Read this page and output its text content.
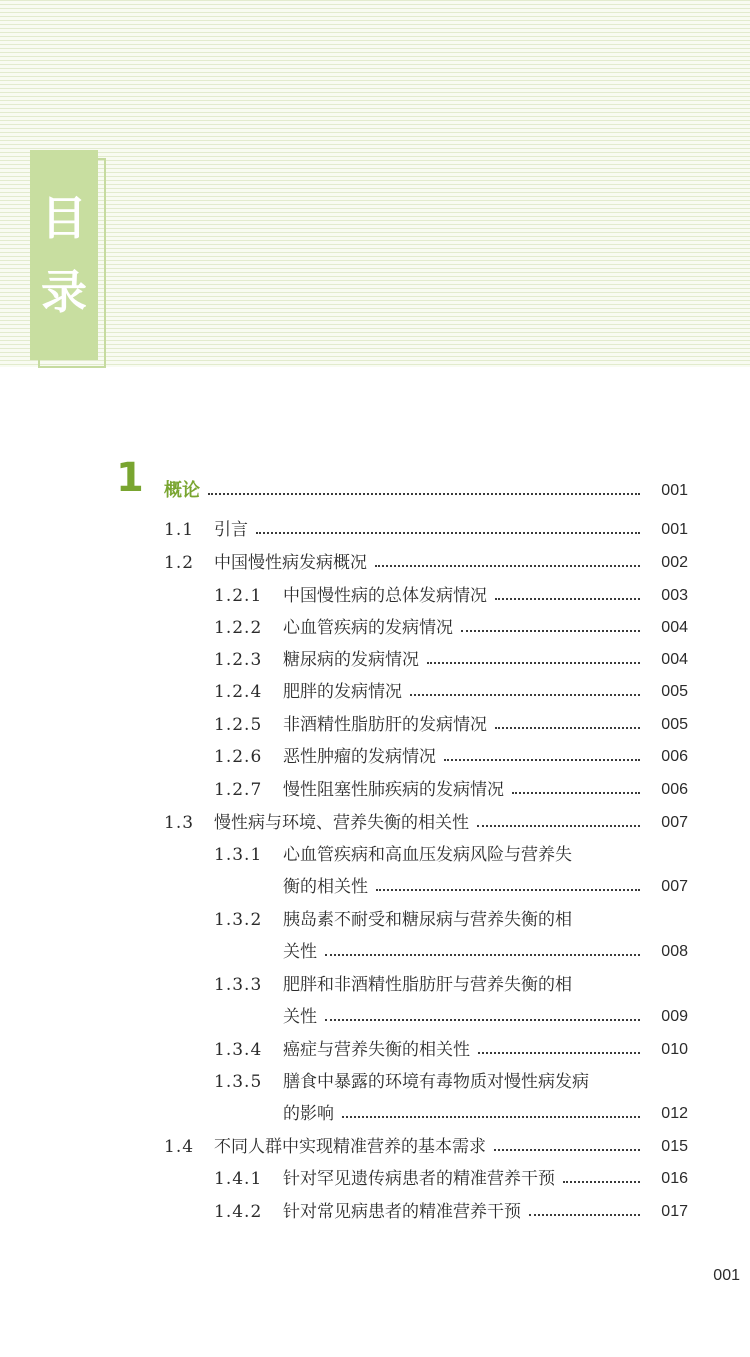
目
录
1 概论	001
1.1 引言	001
1.2 中国慢性病发病概况	002
1.2.1 中国慢性病的总体发病情况	003
1.2.2 心血管疾病的发病情况	004
1.2.3 糖尿病的发病情况	004
1.2.4 肥胖的发病情况	005
1.2.5 非酒精性脂肪肝的发病情况	005
1.2.6 恶性肿瘤的发病情况	006
1.2.7 慢性阻塞性肺疾病的发病情况	006
1.3 慢性病与环境、营养失衡的相关性	007
1.3.1 心血管疾病和高血压发病风险与营养失
衡的相关性	007
1.3.2 胰岛素不耐受和糖尿病与营养失衡的相
关性	008
1.3.3 肥胖和非酒精性脂肪肝与营养失衡的相
关性	009
1.3.4 癌症与营养失衡的相关性	010
1.3.5 膳食中暴露的环境有毒物质对慢性病发病
的影响	012
1.4 不同人群中实现精准营养的基本需求	015
1.4.1 针对罕见遗传病患者的精准营养干预	016
1.4.2 针对常见病患者的精准营养干预	017
001
